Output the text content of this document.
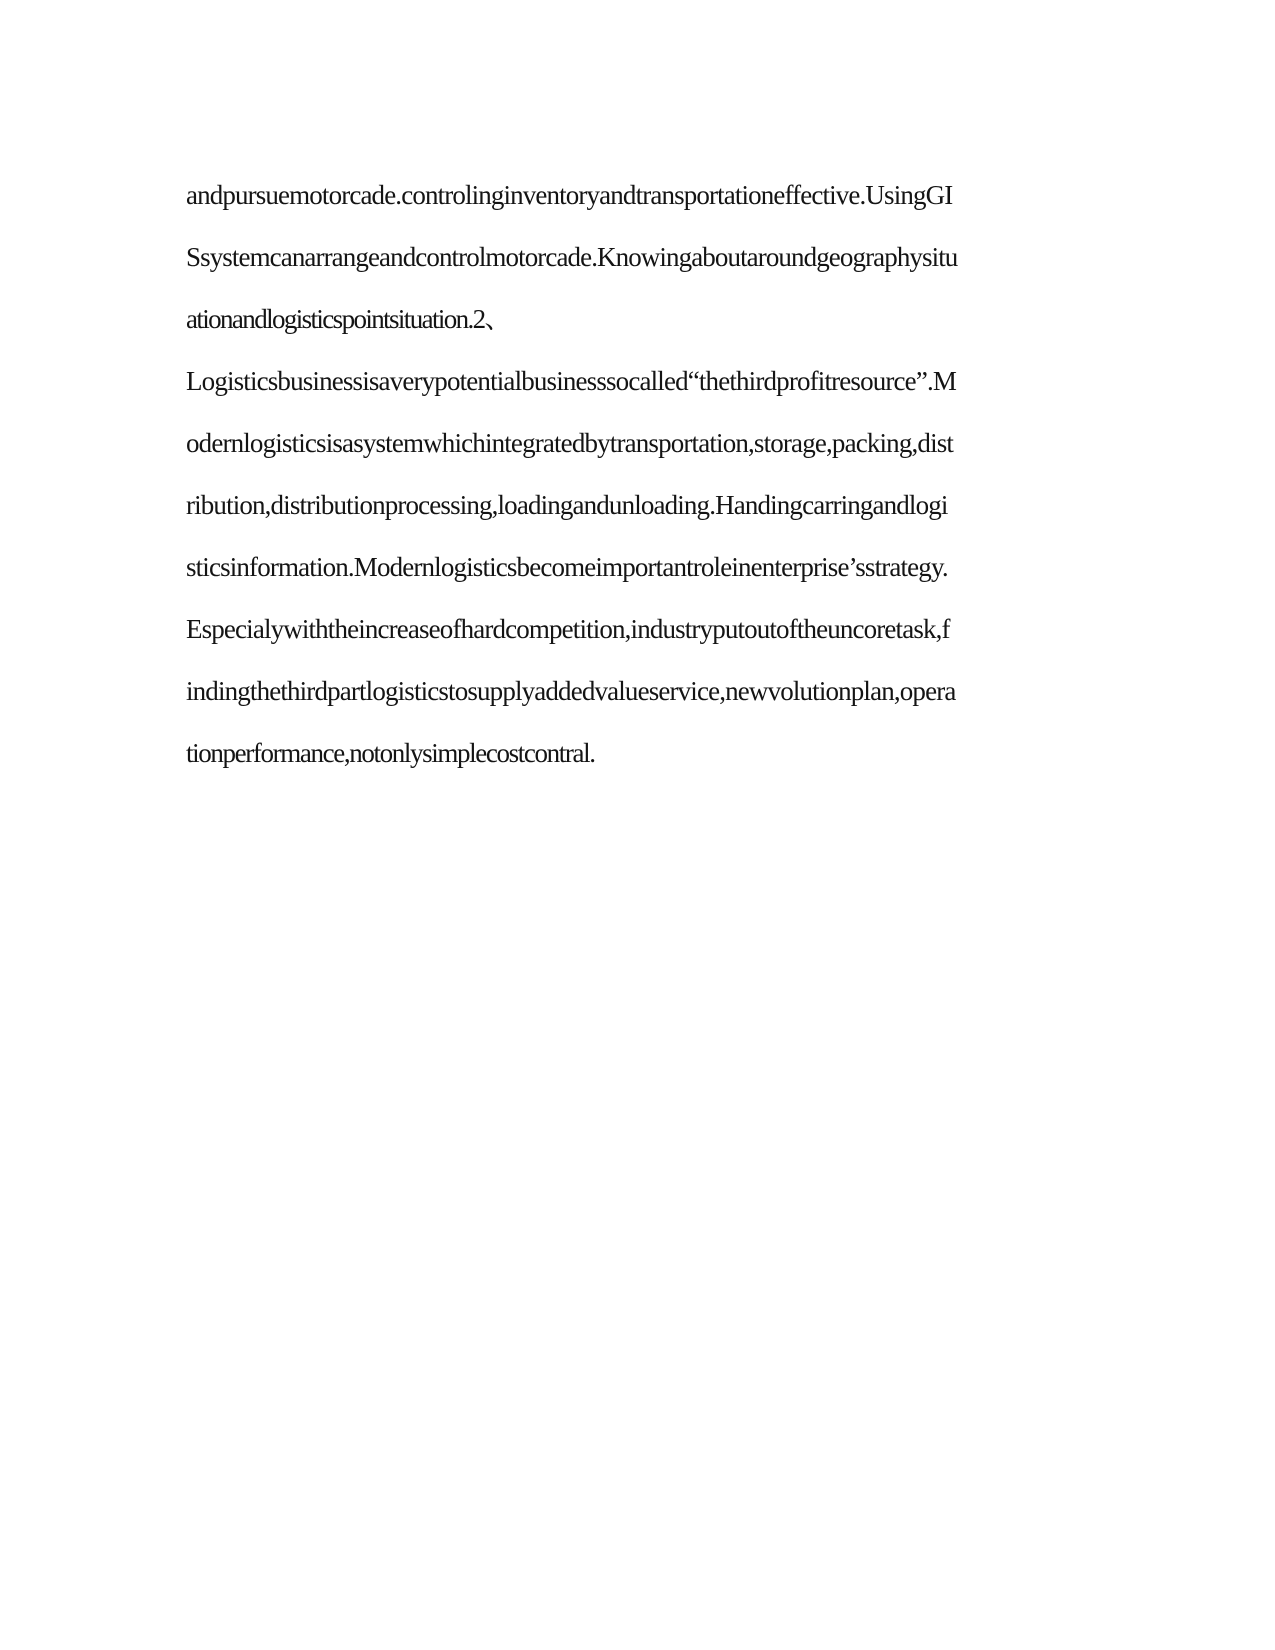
andpursuemotorcade.controlinginventoryandtransportationeffective.UsingGI
Ssystemcanarrangeandcontrolmotorcade.Knowingaboutaroundgeographysitu
ationandlogisticspointsituation.2、
Logisticsbusinessisaverypotentialbusinesssocalled“thethirdprofitresource”.M
odernlogisticsisasystemwhichintegratedbytransportation,storage,packing,dist
ribution,distributionprocessing,loadingandunloading.Handingcarringandlogi
sticsinformation.Modernlogisticsbecomeimportantroleinenterprise’sstrategy.
Especialywiththeincreaseofhardcompetition,industryputoutoftheuncoretask,f
indingthethirdpartlogisticstosupplyaddedvalueservice,newvolutionplan,opera
tionperformance,notonlysimplecostcontral.
